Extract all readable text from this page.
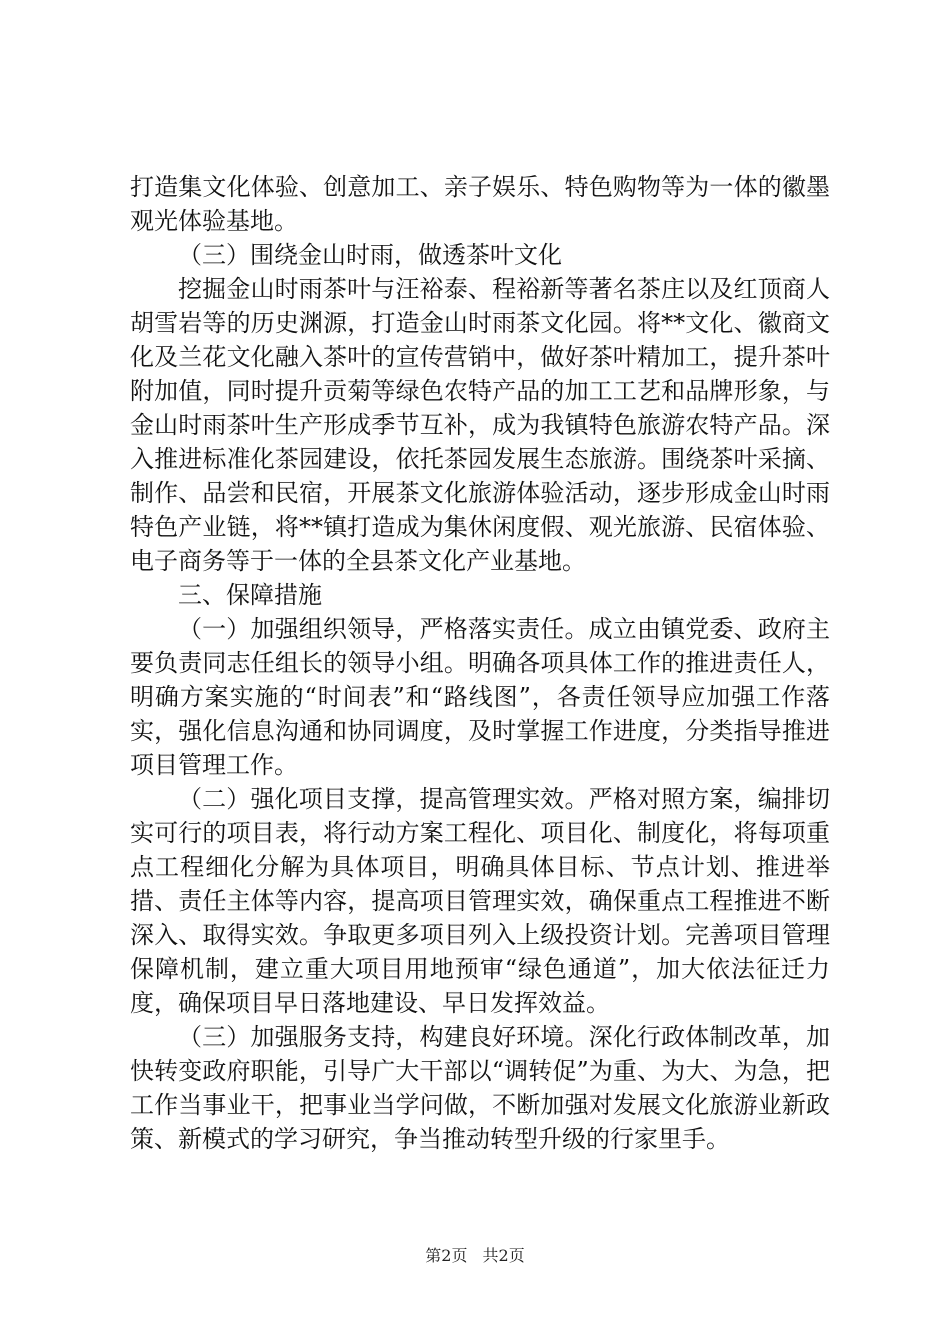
打造集文化体验、创意加工、亲子娱乐、特色购物等为一体的徽墨观光体验基地。

（三）围绕金山时雨，做透茶叶文化

挖掘金山时雨茶叶与汪裕泰、程裕新等著名茶庄以及红顶商人胡雪岩等的历史渊源，打造金山时雨茶文化园。将**文化、徽商文化及兰花文化融入茶叶的宣传营销中，做好茶叶精加工，提升茶叶附加值，同时提升贡菊等绿色农特产品的加工工艺和品牌形象，与金山时雨茶叶生产形成季节互补，成为我镇特色旅游农特产品。深入推进标准化茶园建设，依托茶园发展生态旅游。围绕茶叶采摘、制作、品尝和民宿，开展茶文化旅游体验活动，逐步形成金山时雨特色产业链，将**镇打造成为集休闲度假、观光旅游、民宿体验、电子商务等于一体的全县茶文化产业基地。

三、保障措施

（一）加强组织领导，严格落实责任。成立由镇党委、政府主要负责同志任组长的领导小组。明确各项具体工作的推进责任人，明确方案实施的“时间表”和“路线图”，各责任领导应加强工作落实，强化信息沟通和协同调度，及时掌握工作进度，分类指导推进项目管理工作。

（二）强化项目支撑，提高管理实效。严格对照方案，编排切实可行的项目表，将行动方案工程化、项目化、制度化，将每项重点工程细化分解为具体项目，明确具体目标、节点计划、推进举措、责任主体等内容，提高项目管理实效，确保重点工程推进不断深入、取得实效。争取更多项目列入上级投资计划。完善项目管理保障机制，建立重大项目用地预审“绿色通道”，加大依法征迁力度，确保项目早日落地建设、早日发挥效益。

（三）加强服务支持，构建良好环境。深化行政体制改革，加快转变政府职能，引导广大干部以“调转促”为重、为大、为急，把工作当事业干，把事业当学问做，不断加强对发展文化旅游业新政策、新模式的学习研究，争当推动转型升级的行家里手。

第2页 共2页
